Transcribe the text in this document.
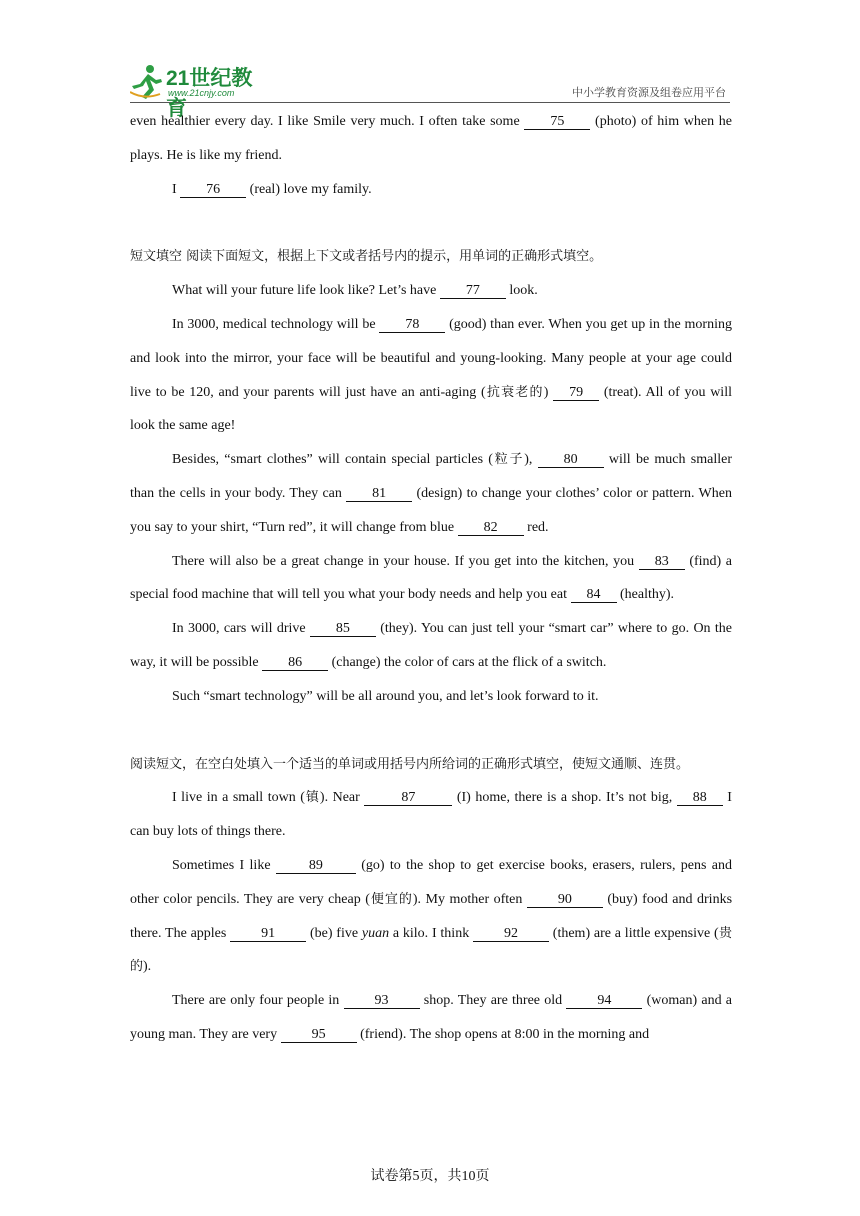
21世纪教育
www.21cnjy.com	中小学教育资源及组卷应用平台

even healthier every day. I like Smile very much. I often take some 75 (photo) of him when he plays. He is like my friend.

I 76 (real) love my family.

短文填空 阅读下面短文，根据上下文或者括号内的提示，用单词的正确形式填空。

What will your future life look like? Let’s have 77 look.

In 3000, medical technology will be 78 (good) than ever. When you get up in the morning and look into the mirror, your face will be beautiful and young-looking. Many people at your age could live to be 120, and your parents will just have an anti-aging (抗衰老的) 79 (treat). All of you will look the same age!

Besides, “smart clothes” will contain special particles (粒子), 80 will be much smaller than the cells in your body. They can 81 (design) to change your clothes’ color or pattern. When you say to your shirt, “Turn red”, it will change from blue 82 red.

There will also be a great change in your house. If you get into the kitchen, you 83 (find) a special food machine that will tell you what your body needs and help you eat 84 (healthy).

In 3000, cars will drive 85 (they). You can just tell your “smart car” where to go. On the way, it will be possible 86 (change) the color of cars at the flick of a switch.

Such “smart technology” will be all around you, and let’s look forward to it.

阅读短文，在空白处填入一个适当的单词或用括号内所给词的正确形式填空，使短文通顺、连贯。

I live in a small town (镇). Near	87	(I) home, there is a shop. It’s not big, 88 I can buy lots of things there.

Sometimes I like 89 (go) to the shop to get exercise books, erasers, rulers, pens and other color pencils. They are very cheap (便宜的). My mother often 90 (buy) food and drinks there. The apples 91 (be) five yuan a kilo. I think 92 (them) are a little expensive (贵的).

There are only four people in 93 shop. They are three old 94 (woman) and a young man. They are very 95 (friend). The shop opens at 8:00 in the morning and

试卷第5页，共10页
